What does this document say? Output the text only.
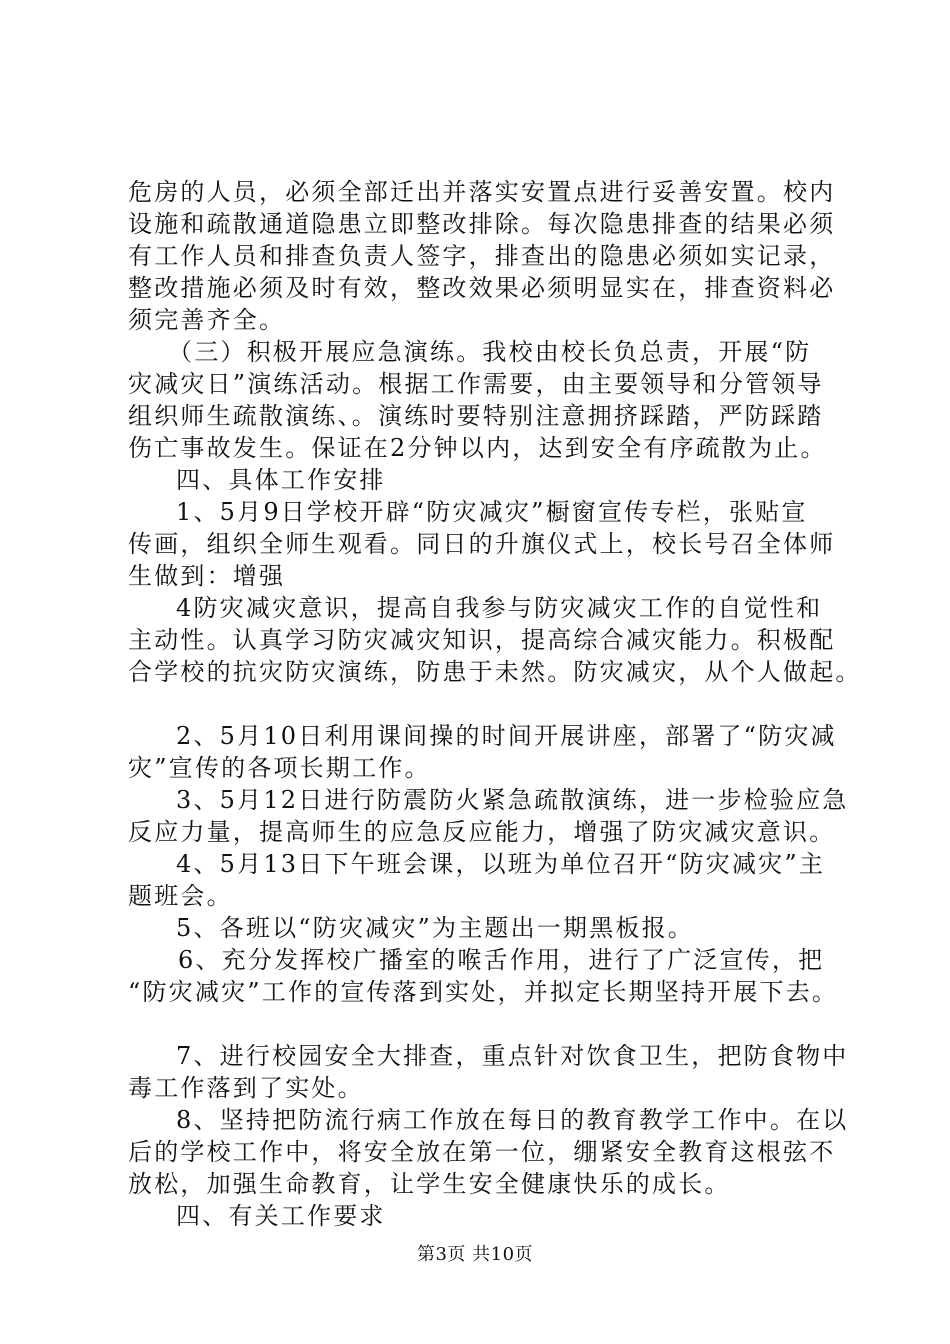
危房的人员，必须全部迁出并落实安置点进行妥善安置。校内
设施和疏散通道隐患立即整改排除。每次隐患排查的结果必须
有工作人员和排查负责人签字，排查出的隐患必须如实记录，
整改措施必须及时有效，整改效果必须明显实在，排查资料必
须完善齐全。
（三）积极开展应急演练。我校由校长负总责，开展“防
灾减灾日”演练活动。根据工作需要，由主要领导和分管领导
组织师生疏散演练、。演练时要特别注意拥挤踩踏，严防踩踏
伤亡事故发生。保证在2分钟以内，达到安全有序疏散为止。
四、具体工作安排
1、5月9日学校开辟“防灾减灾”橱窗宣传专栏，张贴宣
传画，组织全师生观看。同日的升旗仪式上，校长号召全体师
生做到：增强
4防灾减灾意识，提高自我参与防灾减灾工作的自觉性和
主动性。认真学习防灾减灾知识，提高综合减灾能力。积极配
合学校的抗灾防灾演练，防患于未然。防灾减灾，从个人做起。
2、5月10日利用课间操的时间开展讲座，部署了“防灾减
灾”宣传的各项长期工作。
3、5月12日进行防震防火紧急疏散演练，进一步检验应急
反应力量，提高师生的应急反应能力，增强了防灾减灾意识。
4、5月13日下午班会课，以班为单位召开“防灾减灾”主
题班会。
5、各班以“防灾减灾”为主题出一期黑板报。
6、充分发挥校广播室的喉舌作用，进行了广泛宣传，把
“防灾减灾”工作的宣传落到实处，并拟定长期坚持开展下去。
7、进行校园安全大排查，重点针对饮食卫生，把防食物中
毒工作落到了实处。
8、坚持把防流行病工作放在每日的教育教学工作中。在以
后的学校工作中，将安全放在第一位，绷紧安全教育这根弦不
放松，加强生命教育，让学生安全健康快乐的成长。
四、有关工作要求
第3页 共10页
